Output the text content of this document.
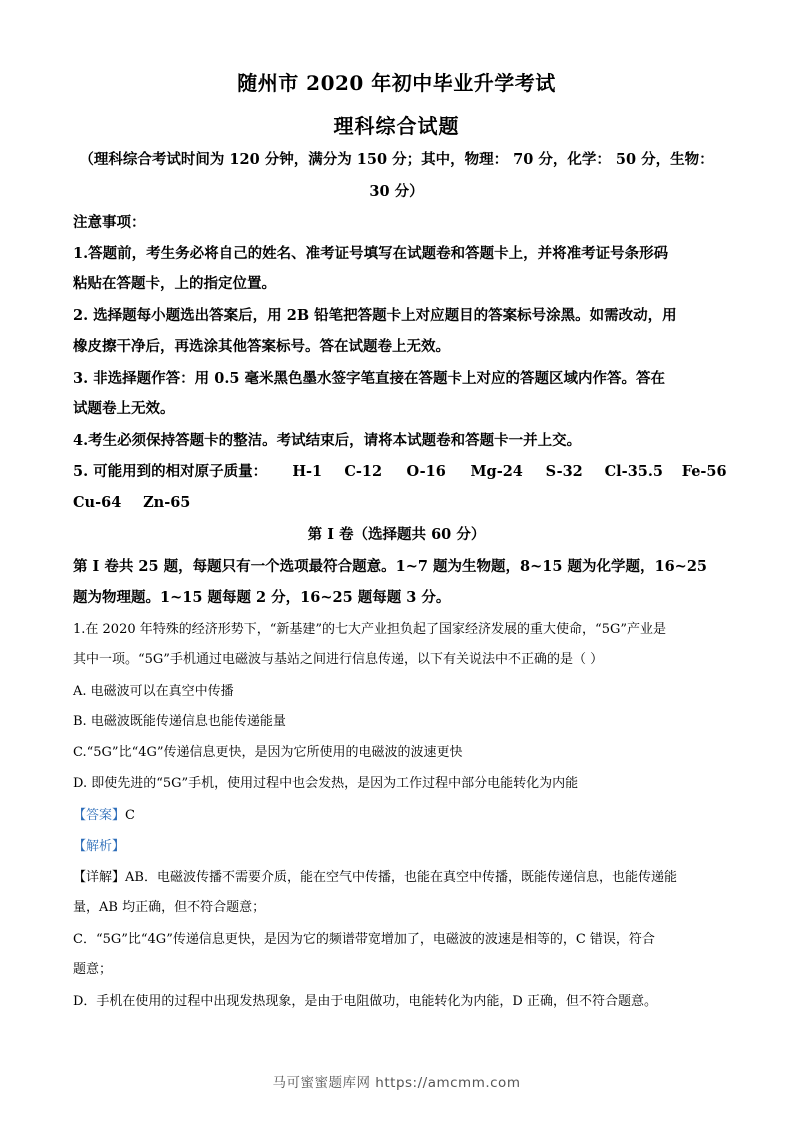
随州市 2020 年初中毕业升学考试
理科综合试题
（理科综合考试时间为 120 分钟，满分为 150 分；其中，物理： 70 分，化学： 50 分，生物：
30 分）
注意事项：
1.答题前，考生务必将自己的姓名、准考证号填写在试题卷和答题卡上，并将准考证号条形码
粘贴在答题卡，上的指定位置。
2. 选择题每小题选出答案后，用 2B 铅笔把答题卡上对应题目的答案标号涂黑。如需改动，用
橡皮擦干净后，再选涂其他答案标号。答在试题卷上无效。
3. 非选择题作答：用 0.5 毫米黑色墨水签字笔直接在答题卡上对应的答题区域内作答。答在
试题卷上无效。
4.考生必须保持答题卡的整洁。考试结束后，请将本试题卷和答题卡一并上交。
5. 可能用到的相对原子质量： H-1 C-12 O-16 Mg-24 S-32 Cl-35.5 Fe-56
Cu-64 Zn-65
第 I 卷（选择题共 60 分）
第 I 卷共 25 题，每题只有一个选项最符合题意。1~7 题为生物题，8~15 题为化学题，16~25
题为物理题。1~15 题每题 2 分，16~25 题每题 3 分。
1.在 2020 年特殊的经济形势下，“新基建”的七大产业担负起了国家经济发展的重大使命，“5G”产业是
其中一项。“5G”手机通过电磁波与基站之间进行信息传递，以下有关说法中不正确的是（ ）
A. 电磁波可以在真空中传播
B. 电磁波既能传递信息也能传递能量
C.“5G”比“4G”传递信息更快，是因为它所使用的电磁波的波速更快
D. 即使先进的“5G”手机，使用过程中也会发热，是因为工作过程中部分电能转化为内能
【答案】C
【解析】
【详解】AB．电磁波传播不需要介质，能在空气中传播，也能在真空中传播，既能传递信息，也能传递能
量，AB 均正确，但不符合题意；
C．“5G”比“4G”传递信息更快，是因为它的频谱带宽增加了，电磁波的波速是相等的，C 错误，符合
题意；
D．手机在使用的过程中出现发热现象，是由于电阻做功，电能转化为内能，D 正确，但不符合题意。
马可蜜蜜题库网 https://amcmm.com
